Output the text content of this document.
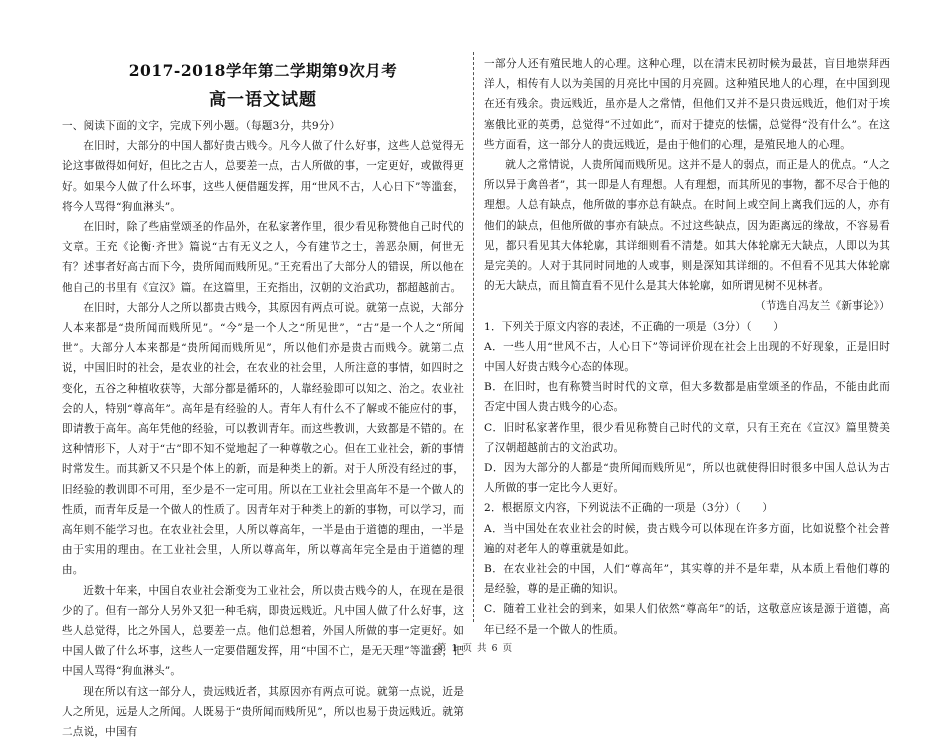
2017-2018学年第二学期第9次月考
高一语文试题

一、阅读下面的文字，完成下列小题。（每题3分，共9分）

在旧时，大部分的中国人都好贵古贱今。凡今人做了什么好事，这些人总觉得无论这事做得如何好，但比之古人，总要差一点，古人所做的事，一定更好，或做得更好。如果今人做了什么坏事，这些人便借题发挥，用“世风不古，人心日下”等滥套，将今人骂得“狗血淋头”。

在旧时，除了些庙堂颂圣的作品外，在私家著作里，很少看见称赞他自己时代的文章。王充《论衡·齐世》篇说“古有无义之人，今有建节之士，善恶杂厕，何世无有？述事者好高古而下今，贵所闻而贱所见。”王充看出了大部分人的错误，所以他在他自己的书里有《宣汉》篇。在这篇里，王充指出，汉朝的文治武功，都超越前古。

在旧时，大部分人之所以都贵古贱今，其原因有两点可说。就第一点说，大部分人本来都是“贵所闻而贱所见”。“今”是一个人之“所见世”，“古”是一个人之“所闻世”。大部分人本来都是“贵所闻而贱所见”，所以他们亦是贵古而贱今。就第二点说，中国旧时的社会，是农业的社会，在农业的社会里，人所注意的事情，如四时之变化，五谷之种植收获等，大部分都是循环的，人靠经验即可以知之、治之。农业社会的人，特别“尊高年”。高年是有经验的人。青年人有什么不了解或不能应付的事，即请教于高年。高年凭他的经验，可以教训青年。而这些教训，大致都是不错的。在这种情形下，人对于“古”即不知不觉地起了一种尊敬之心。但在工业社会，新的事情时常发生。而其新又不只是个体上的新，而是种类上的新。对于人所没有经过的事，旧经验的教训即不可用，至少是不一定可用。所以在工业社会里高年不是一个做人的性质，而青年反是一个做人的性质了。因青年对于种类上的新的事物，可以学习，而高年则不能学习也。在农业社会里，人所以尊高年，一半是由于道德的理由，一半是由于实用的理由。在工业社会里，人所以尊高年，所以尊高年完全是由于道德的理由。

近数十年来，中国自农业社会渐变为工业社会，所以贵古贱今的人，在现在是很少的了。但有一部分人另外又犯一种毛病，即贵远贱近。凡中国人做了什么好事，这些人总觉得，比之外国人，总要差一点。他们总想着，外国人所做的事一定更好。如中国人做了什么坏事，这些人一定要借题发挥，用“中国不亡，是无天理”等滥套，把中国人骂得“狗血淋头”。

现在所以有这一部分人，贵远贱近者，其原因亦有两点可说。就第一点说，近是人之所见，远是人之所闻。人既易于“贵所闻而贱所见”，所以也易于贵远贱近。就第二点说，中国有

一部分人还有殖民地人的心理。这种心理，以在清末民初时候为最甚，盲目地崇拜西洋人，相传有人以为美国的月亮比中国的月亮圆。这种殖民地人的心理，在中国到现在还有残余。贵远贱近，虽亦是人之常情，但他们又并不是只贵远贱近，他们对于埃塞俄比亚的英勇，总觉得“不过如此”，而对于捷克的怯懦，总觉得“没有什么”。在这些方面看，这一部分人的贵远贱近，是由于他们的心理，是殖民地人的心理。

就人之常情说，人贵所闻而贱所见。这并不是人的弱点，而正是人的优点。“人之所以异于禽兽者”，其一即是人有理想。人有理想，而其所见的事物，都不尽合于他的理想。人总有缺点，他所做的事亦总有缺点。在时间上或空间上离我们远的人，亦有他们的缺点，但他所做的事亦有缺点。不过这些缺点，因为距离远的缘故，不容易看见，都只看见其大体轮廓，其详细则看不清楚。如其大体轮廓无大缺点，人即以为其是完美的。人对于其同时同地的人或事，则是深知其详细的。不但看不见其大体轮廓的无大缺点，而且简直看不见什么是其大体轮廓，如所谓见树不见林者。

（节选自冯友兰《新事论》）

1．下列关于原文内容的表述，不正确的一项是（3分）（　　）

A．一些人用“世风不古，人心日下”等词评价现在社会上出现的不好现象，正是旧时中国人好贵古贱今心态的体现。

B．在旧时，也有称赞当时时代的文章，但大多数都是庙堂颂圣的作品，不能由此而否定中国人贵古贱今的心态。

C．旧时私家著作里，很少看见称赞自己时代的文章，只有王充在《宣汉》篇里赞美了汉朝超越前古的文治武功。

D．因为大部分的人都是“贵所闻而贱所见”，所以也就使得旧时很多中国人总认为古人所做的事一定比今人更好。

2．根据原文内容，下列说法不正确的一项是（3分）（　　）

A．当中国处在农业社会的时候，贵古贱今可以体现在许多方面，比如说整个社会普遍的对老年人的尊重就是如此。

B．在农业社会的中国，人们“尊高年”，其实尊的并不是年辈，从本质上看他们尊的是经验，尊的是正确的知识。

C．随着工业社会的到来，如果人们依然“尊高年”的话，这敬意应该是源于道德，高年已经不是一个做人的性质。

第 1 页 共 6 页
